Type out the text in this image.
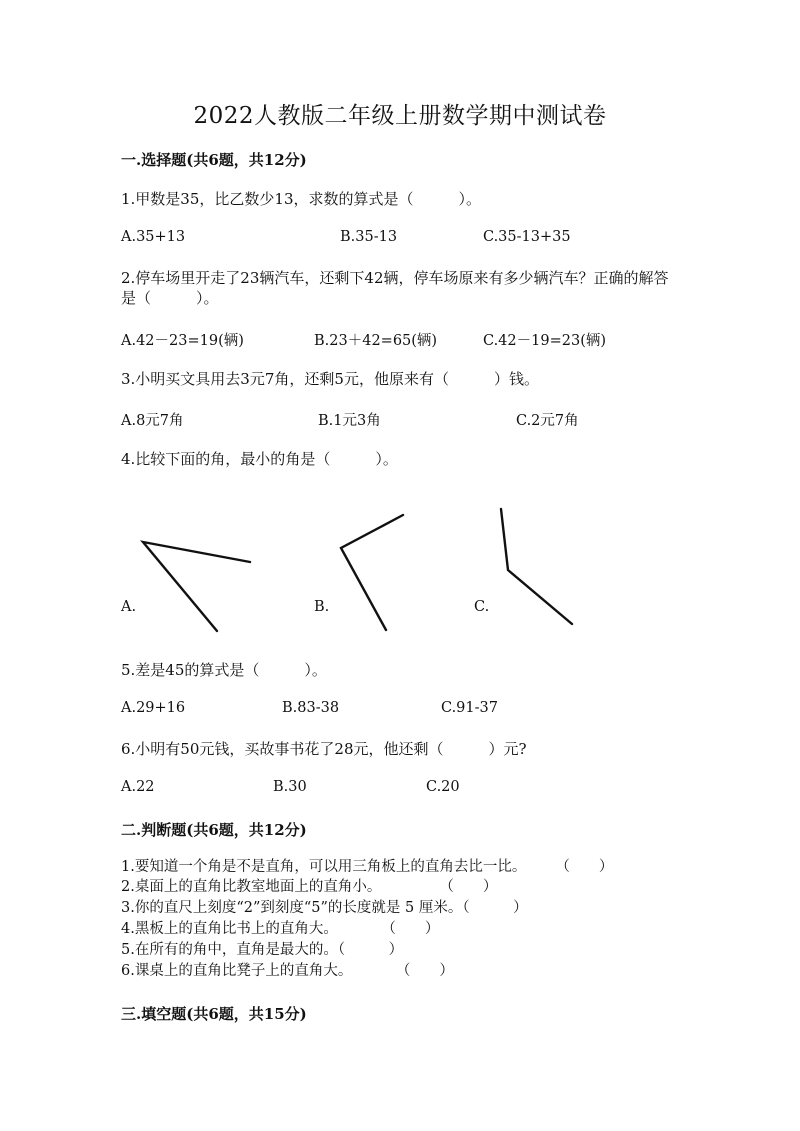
2022人教版二年级上册数学期中测试卷
一.选择题(共6题，共12分)
1.甲数是35，比乙数少13，求数的算式是（　　　）。
A.35+13	B.35-13	C.35-13+35
2.停车场里开走了23辆汽车，还剩下42辆，停车场原来有多少辆汽车？正确的解答是（　　　）。
A.42－23=19(辆)	B.23＋42=65(辆)	C.42－19=23(辆)
3.小明买文具用去3元7角，还剩5元，他原来有（　　　）钱。
A.8元7角	B.1元3角	C.2元7角
4.比较下面的角，最小的角是（　　　）。
A.	B.	C.
5.差是45的算式是（　　　）。
A.29+16	B.83-38	C.91-37
6.小明有50元钱，买故事书花了28元，他还剩（　　　）元?
A.22	B.30	C.20
二.判断题(共6题，共12分)
1.要知道一个角是不是直角，可以用三角板上的直角去比一比。　　　（　　）
2.桌面上的直角比教室地面上的直角小。　　　　　（　　）
3.你的直尺上刻度“2”到刻度“5”的长度就是 5 厘米。（　　　）
4.黑板上的直角比书上的直角大。　　　　（　　）
5.在所有的角中，直角是最大的。（　　　）
6.课桌上的直角比凳子上的直角大。　　　　（　　）
三.填空题(共6题，共15分)
